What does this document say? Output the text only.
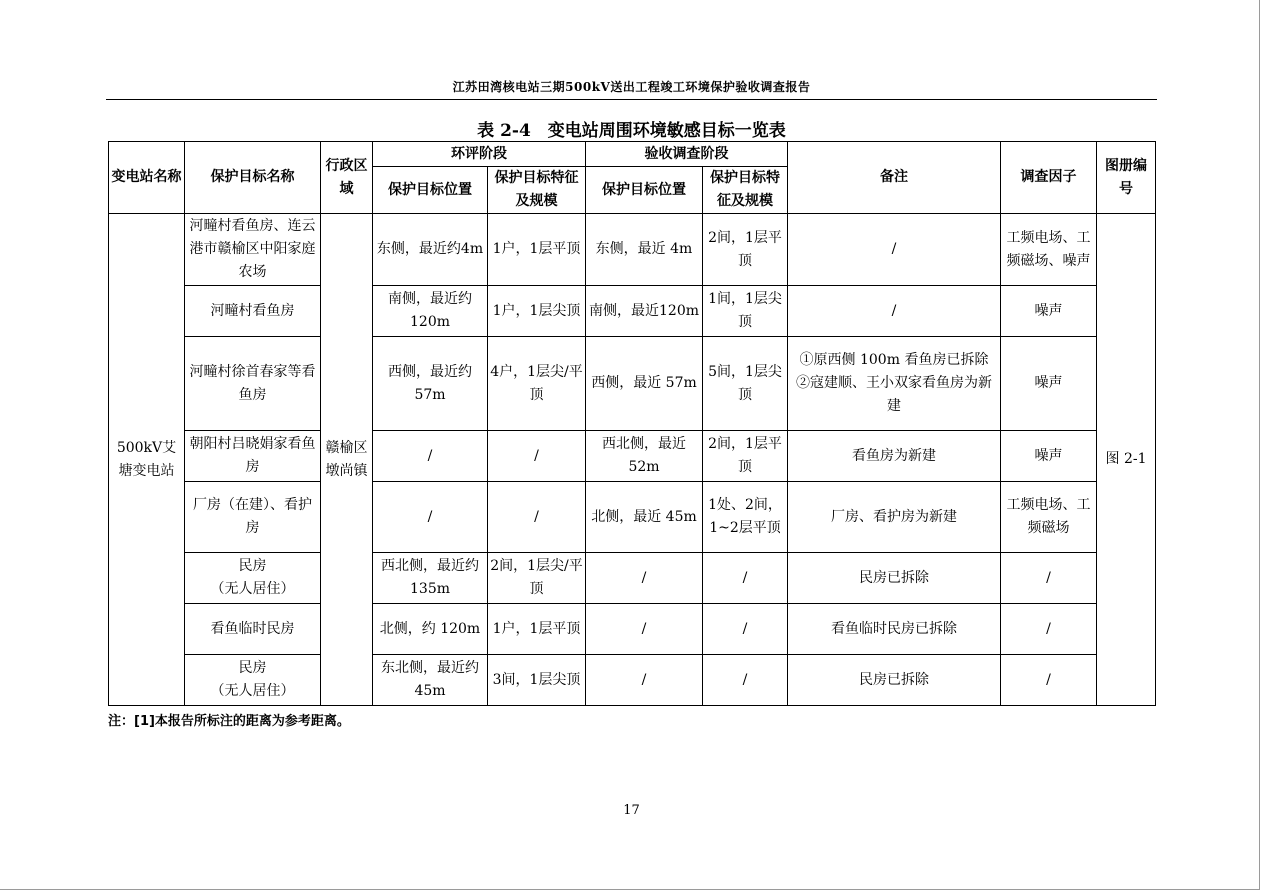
江苏田湾核电站三期500kV送出工程竣工环境保护验收调查报告
表 2-4　变电站周围环境敏感目标一览表
变电站名称	保护目标名称	行政区域	环评阶段		验收调查阶段		备注	调查因子	图册编号
			保护目标位置	保护目标特征及规模	保护目标位置	保护目标特征及规模			
500kV艾塘变电站	河疃村看鱼房、连云港市赣榆区中阳家庭农场	赣榆区墩尚镇	东侧，最近约4m	1户，1层平顶	东侧，最近 4m	2间，1层平顶	/	工频电场、工频磁场、噪声	图 2-1
	河疃村看鱼房		南侧，最近约120m	1户，1层尖顶	南侧，最近120m	1间，1层尖顶	/	噪声	
	河疃村徐首春家等看鱼房		西侧，最近约57m	4户，1层尖/平顶	西侧，最近 57m	5间，1层尖顶	①原西侧 100m 看鱼房已拆除
②寇建顺、王小双家看鱼房为新建	噪声	
	朝阳村吕晓娟家看鱼房		/	/	西北侧，最近52m	2间，1层平顶	看鱼房为新建	噪声	
	厂房（在建）、看护房		/	/	北侧，最近 45m	1处、2间，1~2层平顶	厂房、看护房为新建	工频电场、工频磁场	
	民房
（无人居住）		西北侧，最近约135m	2间，1层尖/平顶	/	/	民房已拆除	/	
	看鱼临时民房		北侧，约 120m	1户，1层平顶	/	/	看鱼临时民房已拆除	/	
	民房
（无人居住）		东北侧，最近约45m	3间，1层尖顶	/	/	民房已拆除	/	
注：[1]本报告所标注的距离为参考距离。
17
